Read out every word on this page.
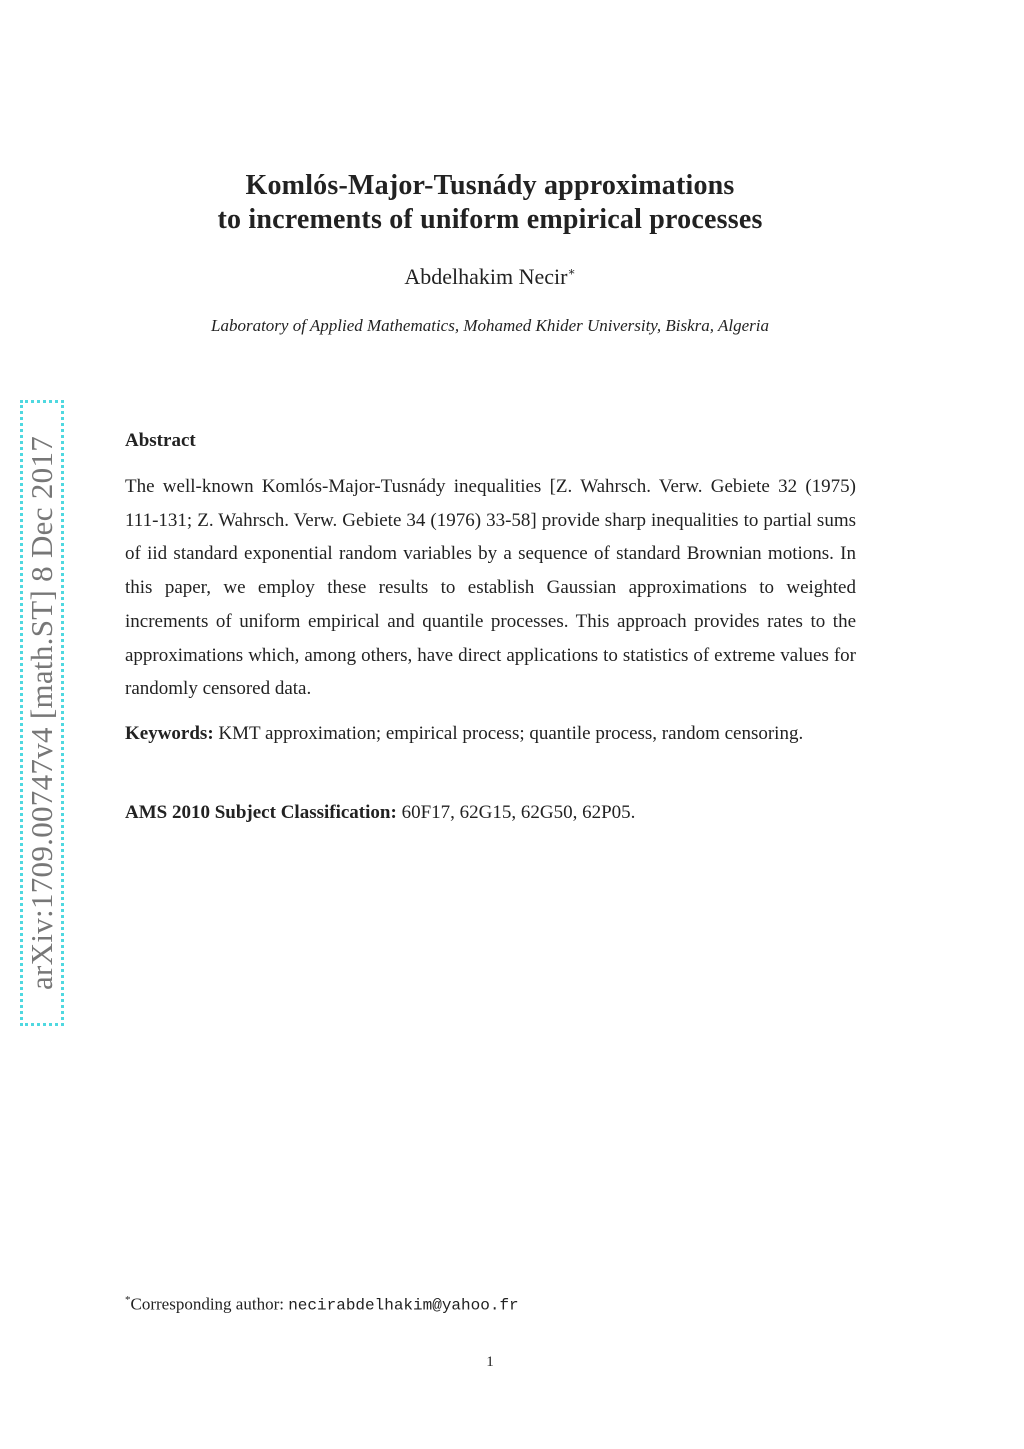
arXiv:1709.00747v4 [math.ST] 8 Dec 2017
Komlós-Major-Tusnády approximations
to increments of uniform empirical processes
Abdelhakim Necir∗
Laboratory of Applied Mathematics, Mohamed Khider University, Biskra, Algeria
Abstract

The well-known Komlós-Major-Tusnády inequalities [Z. Wahrsch. Verw. Gebiete 32 (1975) 111-131; Z. Wahrsch. Verw. Gebiete 34 (1976) 33-58] provide sharp inequalities to partial sums of iid standard exponential random variables by a sequence of standard Brownian motions. In this paper, we employ these results to establish Gaussian approximations to weighted increments of uniform empirical and quantile processes. This approach provides rates to the approximations which, among others, have direct applications to statistics of extreme values for randomly censored data.

Keywords: KMT approximation; empirical process; quantile process, random censoring.

AMS 2010 Subject Classification: 60F17, 62G15, 62G50, 62P05.

*Corresponding author: necirabdelhakim@yahoo.fr
1
